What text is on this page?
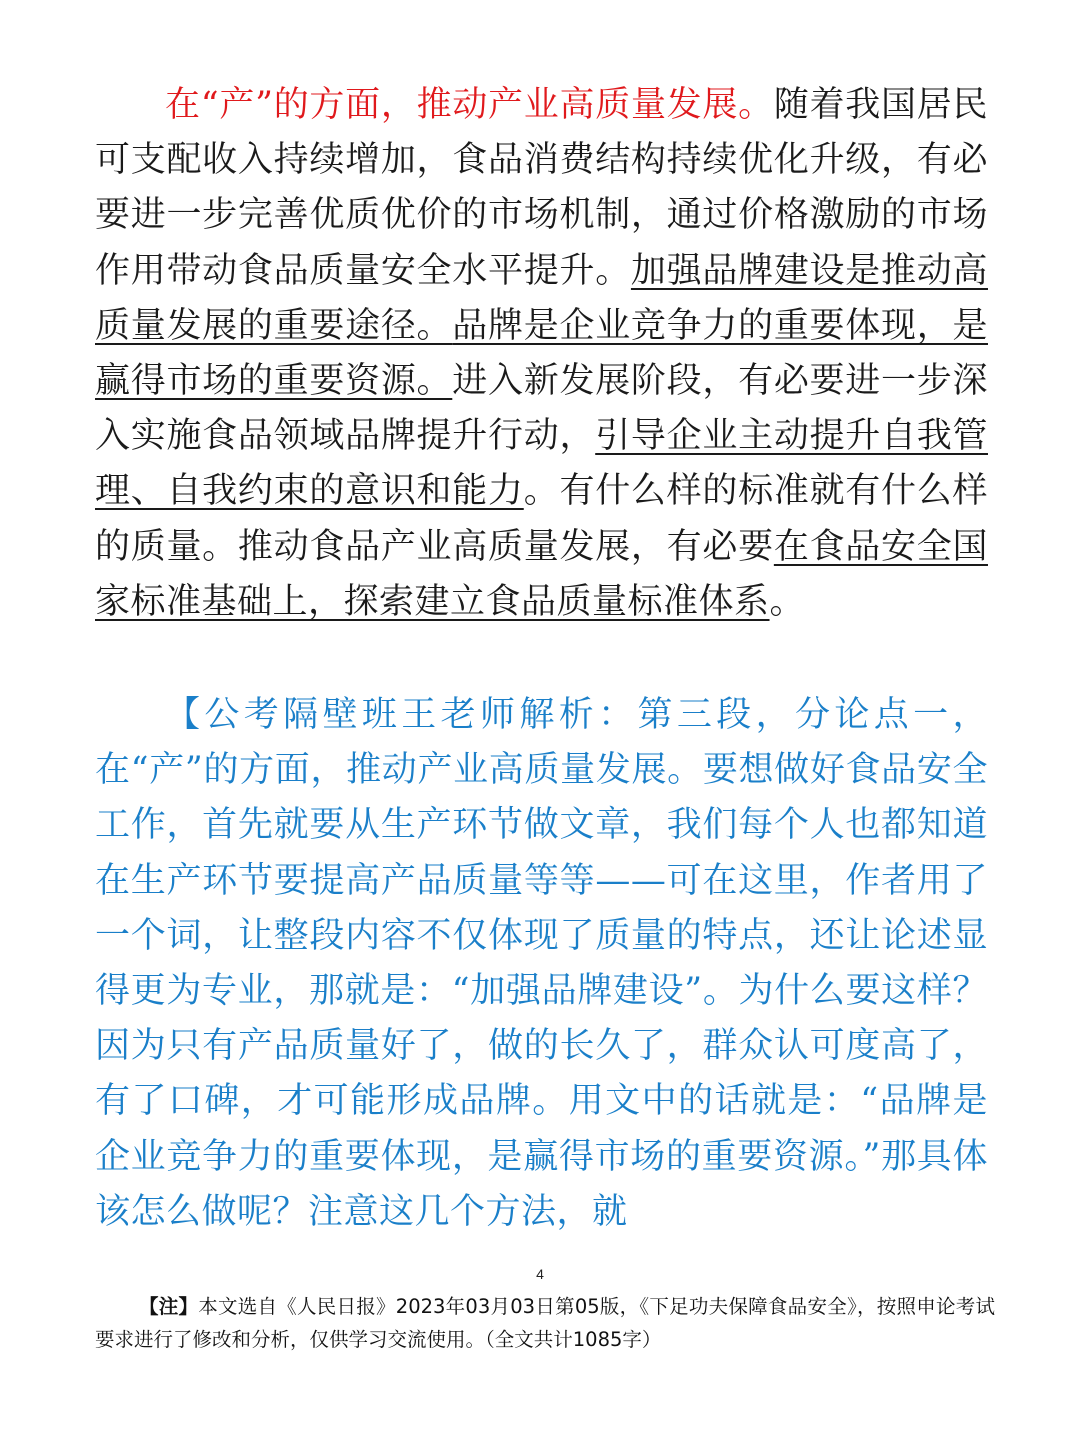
在“产”的方面，推动产业高质量发展。随着我国居民可支配收入持续增加，食品消费结构持续优化升级，有必要进一步完善优质优价的市场机制，通过价格激励的市场作用带动食品质量安全水平提升。加强品牌建设是推动高质量发展的重要途径。品牌是企业竞争力的重要体现，是赢得市场的重要资源。进入新发展阶段，有必要进一步深入实施食品领域品牌提升行动，引导企业主动提升自我管理、自我约束的意识和能力。有什么样的标准就有什么样的质量。推动食品产业高质量发展，有必要在食品安全国家标准基础上，探索建立食品质量标准体系。

【公考隔壁班王老师解析：第三段，分论点一，在“产”的方面，推动产业高质量发展。要想做好食品安全工作，首先就要从生产环节做文章，我们每个人也都知道在生产环节要提高产品质量等等——可在这里，作者用了一个词，让整段内容不仅体现了质量的特点，还让论述显得更为专业，那就是：“加强品牌建设”。为什么要这样？因为只有产品质量好了，做的长久了，群众认可度高了，有了口碑，才可能形成品牌。用文中的话就是：“品牌是企业竞争力的重要体现，是赢得市场的重要资源。”那具体该怎么做呢？注意这几个方法，就

4

【注】本文选自《人民日报》2023年03月03日第05版，《下足功夫保障食品安全》，按照申论考试要求进行了修改和分析，仅供学习交流使用。（全文共计1085字）
